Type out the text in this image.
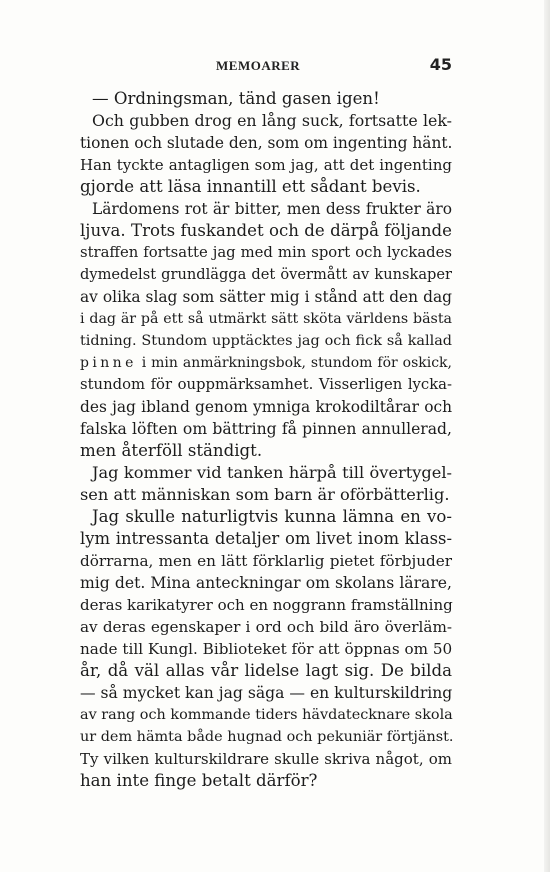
MEMOARER	45
— Ordningsman, tänd gasen igen!
Och gubben drog en lång suck, fortsatte lek-
tionen och slutade den, som om ingenting hänt.
Han tyckte antagligen som jag, att det ingenting
gjorde att läsa innantill ett sådant bevis.
Lärdomens rot är bitter, men dess frukter äro
ljuva. Trots fuskandet och de därpå följande
straffen fortsatte jag med min sport och lyckades
dymedelst grundlägga det övermått av kunskaper
av olika slag som sätter mig i stånd att den dag
i dag är på ett så utmärkt sätt sköta världens bästa
tidning. Stundom upptäcktes jag och fick så kallad
pinne i min anmärkningsbok, stundom för oskick,
stundom för ouppmärksamhet. Visserligen lycka-
des jag ibland genom ymniga krokodiltårar och
falska löften om bättring få pinnen annullerad,
men återföll ständigt.
Jag kommer vid tanken härpå till övertygel-
sen att människan som barn är oförbätterlig.
Jag skulle naturligtvis kunna lämna en vo-
lym intressanta detaljer om livet inom klass-
dörrarna, men en lätt förklarlig pietet förbjuder
mig det. Mina anteckningar om skolans lärare,
deras karikatyrer och en noggrann framställning
av deras egenskaper i ord och bild äro överläm-
nade till Kungl. Biblioteket för att öppnas om 50
år, då väl allas vår lidelse lagt sig. De bilda
— så mycket kan jag säga — en kulturskildring
av rang och kommande tiders hävdatecknare skola
ur dem hämta både hugnad och pekuniär förtjänst.
Ty vilken kulturskildrare skulle skriva något, om
han inte finge betalt därför?
